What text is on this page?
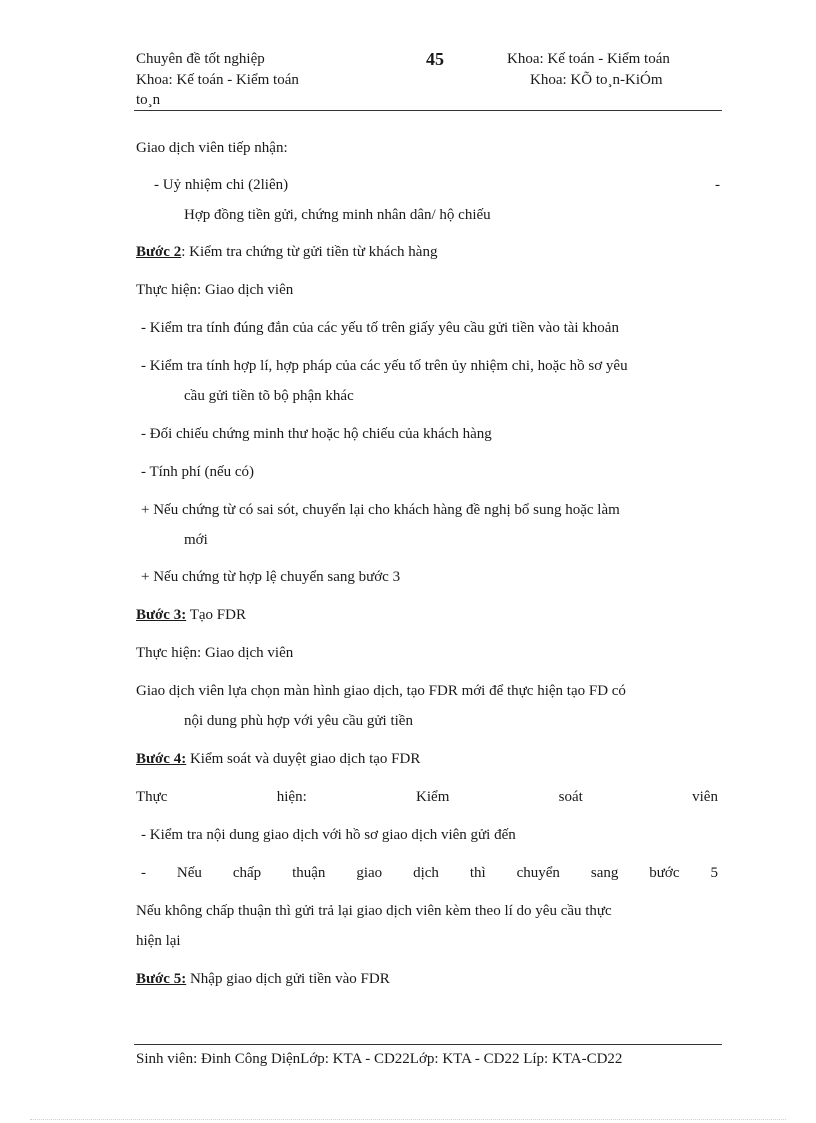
Chuyên đề tốt nghiệp	45	Khoa: Kế toán - Kiểm toán
Khoa: Kế toán - Kiểm toán	Khoa: KÕ to¸n-KiÓm
to¸n
Giao dịch viên tiếp nhận:
- Uỷ nhiệm chi (2liên)	-
Hợp đồng tiền gửi, chứng minh nhân dân/ hộ chiếu
Bước 2: Kiểm tra chứng từ gửi tiền từ khách hàng
Thực hiện: Giao dịch viên
- Kiểm tra tính đúng đắn của các yếu tố trên giấy yêu cầu gửi tiền vào tài khoản
- Kiểm tra tính hợp lí, hợp pháp của các yếu tố trên ủy nhiệm chi, hoặc hồ sơ yêu
cầu gửi tiền tõ bộ phận khác
- Đối chiếu chứng minh thư hoặc hộ chiếu của khách hàng
- Tính phí (nếu có)
+ Nếu chứng từ có sai sót, chuyển lại cho khách hàng đề nghị bổ sung hoặc làm
mới
+ Nếu chứng từ hợp lệ chuyển sang bước 3
Bước 3: Tạo FDR
Thực hiện: Giao dịch viên
Giao dịch viên lựa chọn màn hình giao dịch, tạo FDR mới để thực hiện tạo FD có
nội dung phù hợp với yêu cầu gửi tiền
Bước 4: Kiểm soát và duyệt giao dịch tạo FDR
Thực	hiện:	Kiểm	soát	viên
- Kiểm tra nội dung giao dịch với hồ sơ giao dịch viên gửi đến
- Nếu chấp thuận giao dịch thì chuyển sang bước 5
Nếu không chấp thuận thì gửi trả lại giao dịch viên kèm theo lí do yêu cầu thực
hiện lại
Bước 5: Nhập giao dịch gửi tiền vào FDR
Sinh viên: Đinh Công DiệnLớp: KTA - CD22Lớp: KTA - CD22 Líp: KTA-CD22
